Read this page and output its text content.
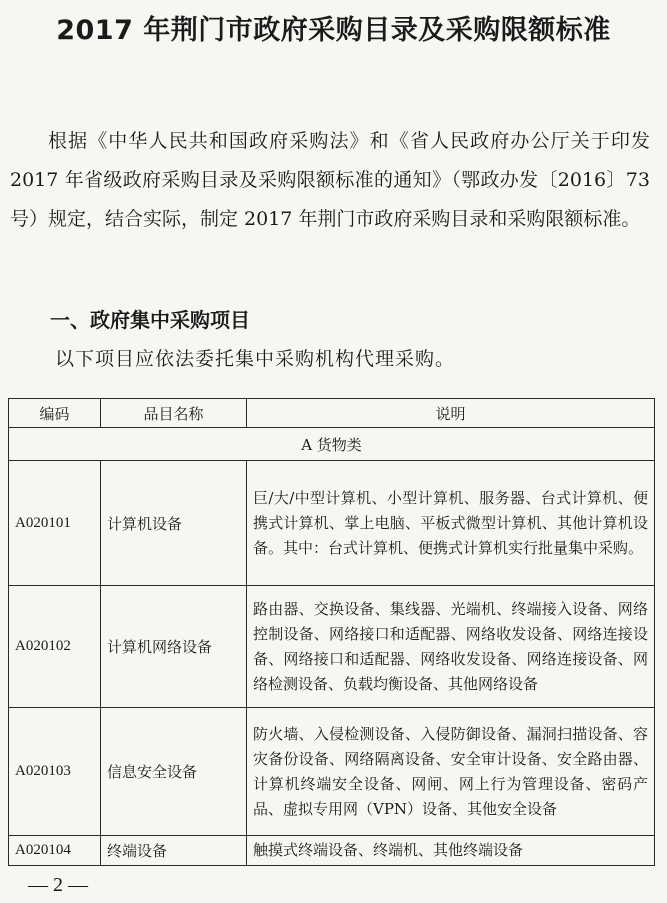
2017 年荆门市政府采购目录及采购限额标准

根据《中华人民共和国政府采购法》和《省人民政府办公厅关于印发 2017 年省级政府采购目录及采购限额标准的通知》（鄂政办发〔2016〕73 号）规定，结合实际，制定 2017 年荆门市政府采购目录和采购限额标准。

一、政府集中采购项目
以下项目应依法委托集中采购机构代理采购。
编码	品目名称	说明
A 货物类		
A020101	计算机设备	巨/大/中型计算机、小型计算机、服务器、台式计算机、便携式计算机、掌上电脑、平板式微型计算机、其他计算机设备。其中：台式计算机、便携式计算机实行批量集中采购。
A020102	计算机网络设备	路由器、交换设备、集线器、光端机、终端接入设备、网络控制设备、网络接口和适配器、网络收发设备、网络连接设备、网络接口和适配器、网络收发设备、网络连接设备、网络检测设备、负载均衡设备、其他网络设备
A020103	信息安全设备	防火墙、入侵检测设备、入侵防御设备、漏洞扫描设备、容灾备份设备、网络隔离设备、安全审计设备、安全路由器、计算机终端安全设备、网闸、网上行为管理设备、密码产品、虚拟专用网（VPN）设备、其他安全设备
A020104	终端设备	触摸式终端设备、终端机、其他终端设备
— 2 —
